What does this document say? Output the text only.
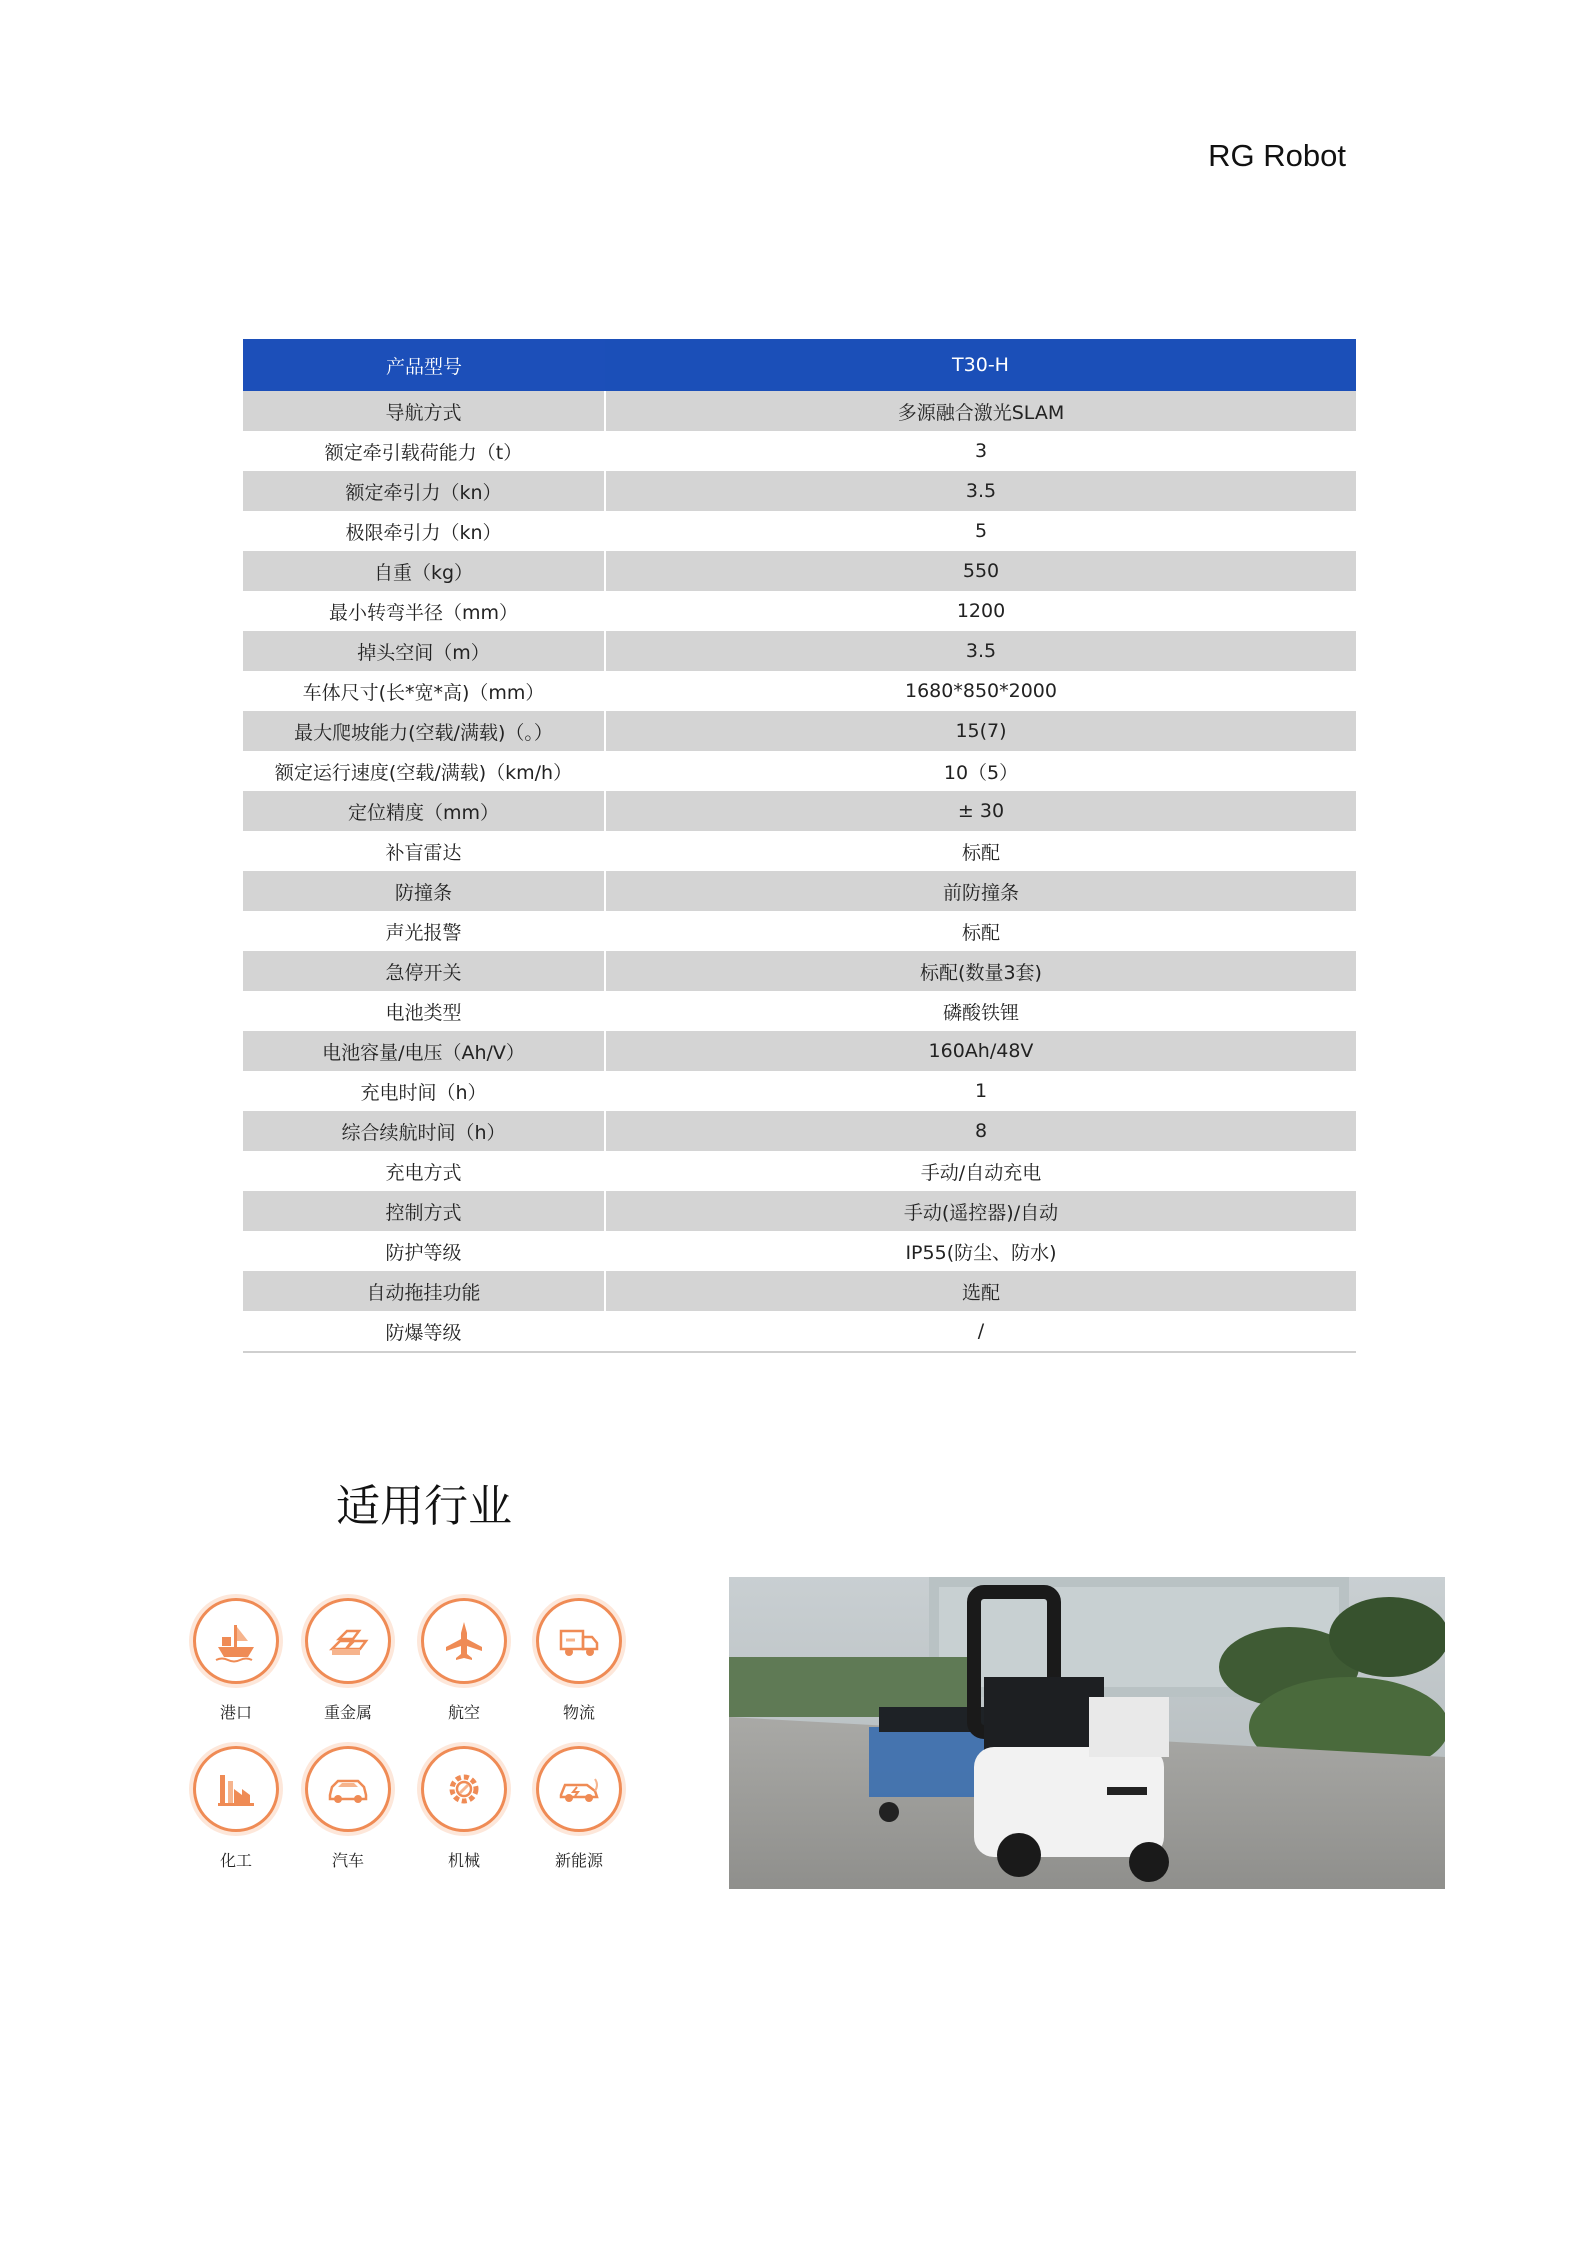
RG Robot
产品型号	T30-H
导航方式	多源融合激光SLAM
额定牵引载荷能力（t）	3
额定牵引力（kn）	3.5
极限牵引力（kn）	5
自重（kg）	550
最小转弯半径（mm）	1200
掉头空间（m）	3.5
车体尺寸(长*宽*高)（mm）	1680*850*2000
最大爬坡能力(空载/满载)（。）	15(7)
额定运行速度(空载/满载)（km/h）	10（5）
定位精度（mm）	± 30
补盲雷达	标配
防撞条	前防撞条
声光报警	标配
急停开关	标配(数量3套)
电池类型	磷酸铁锂
电池容量/电压（Ah/V）	160Ah/48V
充电时间（h）	1
综合续航时间（h）	8
充电方式	手动/自动充电
控制方式	手动(遥控器)/自动
防护等级	IP55(防尘、防水)
自动拖挂功能	选配
防爆等级	/
适用行业
港口	重金属	航空	物流
化工	汽车	机械	新能源
